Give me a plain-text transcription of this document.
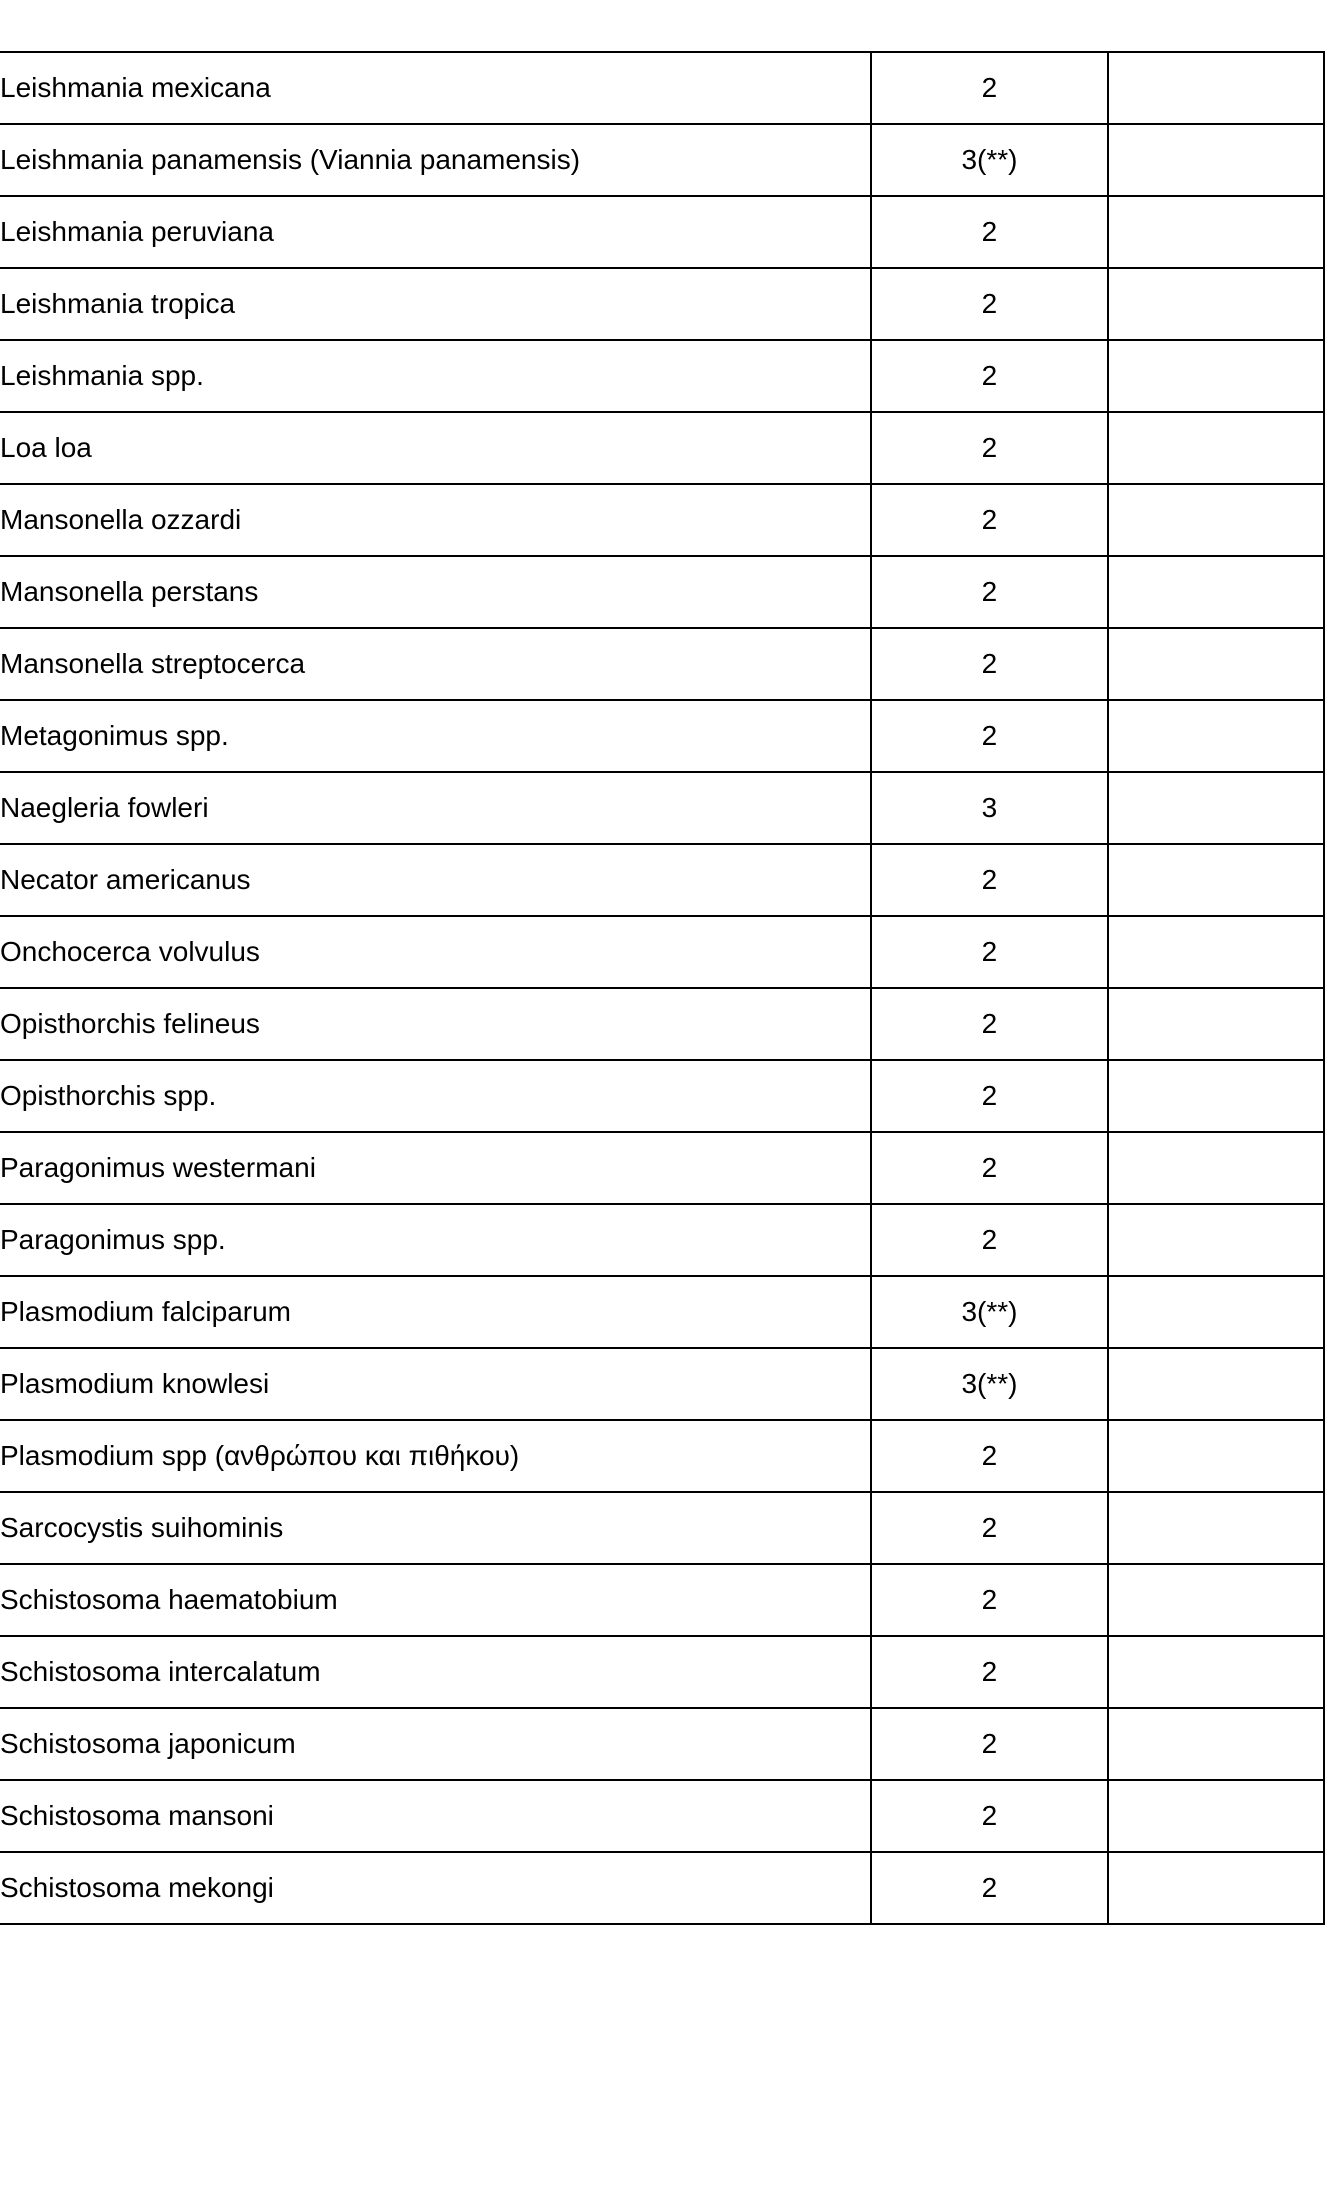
Leishmania mexicana	2	
Leishmania panamensis (Viannia panamensis)	3(**)	
Leishmania peruviana	2	
Leishmania tropica	2	
Leishmania spp.	2	
Loa loa	2	
Mansonella ozzardi	2	
Mansonella perstans	2	
Mansonella streptocerca	2	
Metagonimus spp.	2	
Naegleria fowleri	3	
Necator americanus	2	
Onchocerca volvulus	2	
Opisthorchis felineus	2	
Opisthorchis spp.	2	
Paragonimus westermani	2	
Paragonimus spp.	2	
Plasmodium falciparum	3(**)	
Plasmodium knowlesi	3(**)	
Plasmodium spp (ανθρώπου και πιθήκου)	2	
Sarcocystis suihominis	2	
Schistosoma haematobium	2	
Schistosoma intercalatum	2	
Schistosoma japonicum	2	
Schistosoma mansoni	2	
Schistosoma mekongi	2	
